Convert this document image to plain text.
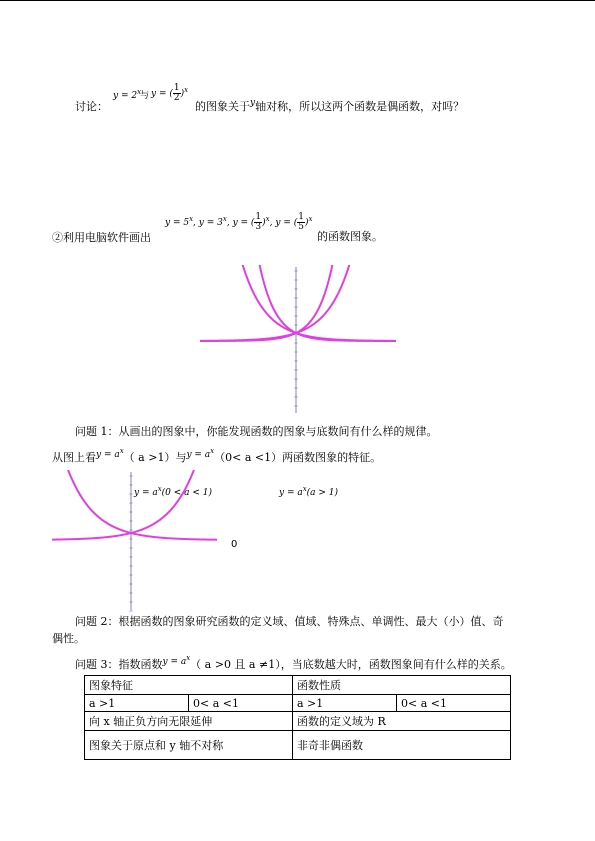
讨论：
$y = 2^x$
与 y = ( $\frac{1}{2} )^x$
的图象关于$^y$轴对称，所以这两个函数是偶函数，对吗？
②利用电脑软件画出
$y = 5^x$, $y = 3^x$, y = ( $\frac{1}{3} )^x$, y = ( $\frac{1}{5} )^x$
的函数图象。
问题 1：从画出的图象中，你能发现函数的图象与底数间有什么样的规律。
从图上看$^{y = a^x}$（ a >1）与$^{y = a^x}$（0< a <1）两函数图象的特征。
$y = a^x(0 < a < 1)$	$y = a^x(a > 1)$
0
问题 2：根据函数的图象研究函数的定义域、值域、特殊点、单调性、最大（小）值、奇
偶性。
问题 3：指数函数$^{y = a^x}$（ a >0 且 a ≠1），当底数越大时，函数图象间有什么样的关系。
图象特征		函数性质	
a >1	0< a <1	a >1	0< a <1
向 x 轴正负方向无限延伸		函数的定义域为 R	
图象关于原点和 y 轴不对称		非奇非偶函数	
